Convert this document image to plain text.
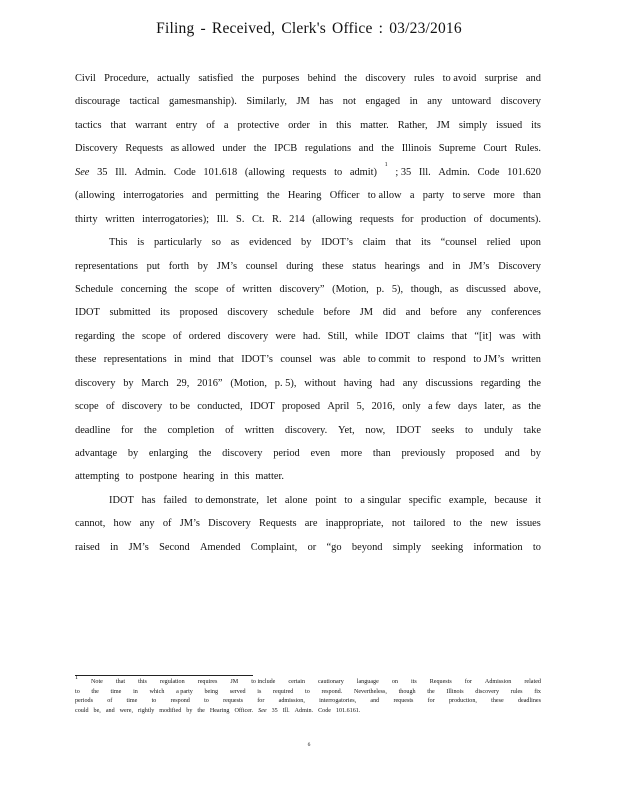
Filing - Received, Clerk's Office : 03/23/2016
Civil Procedure, actually satisfied the purposes behind the discovery rules to avoid surprise and
discourage tactical gamesmanship). Similarly, JM has not engaged in any untoward discovery
tactics that warrant entry of a protective order in this matter. Rather, JM simply issued its
Discovery Requests as allowed under the IPCB regulations and the Illinois Supreme Court Rules.
See 35 Ill. Admin. Code 101.618 (allowing requests to admit)
1
; 35 Ill. Admin. Code 101.620
(allowing interrogatories and permitting the Hearing Officer to allow a party to serve more than
thirty written interrogatories); Ill. S. Ct. R. 214 (allowing requests for production of documents).
This is particularly so as evidenced by IDOT’s claim that its “counsel relied upon
representations put forth by JM’s counsel during these status hearings and in JM’s Discovery
Schedule concerning the scope of written discovery” (Motion, p. 5), though, as discussed above,
IDOT submitted its proposed discovery schedule before JM did and before any conferences
regarding the scope of ordered discovery were had. Still, while IDOT claims that “[it] was with
these representations in mind that IDOT’s counsel was able to commit to respond to JM’s written
discovery by March 29, 2016” (Motion, p. 5), without having had any discussions regarding the
scope of discovery to be conducted, IDOT proposed April 5, 2016, only a few days later, as the
deadline for the completion of written discovery. Yet, now, IDOT seeks to unduly take
advantage by enlarging the discovery period even more than previously proposed and by
attempting to postpone hearing in this matter.
IDOT has failed to demonstrate, let alone point to a singular specific example, because it
cannot, how any of JM’s Discovery Requests are inappropriate, not tailored to the new issues
raised in JM’s Second Amended Complaint, or “go beyond simply seeking information to
1
Note that this regulation requires JM to include certain cautionary language on its Requests for Admission related
to the time in which a party being served is required to respond. Nevertheless, though the Illinois discovery rules fix
periods of time to respond to requests for admission, interrogatories, and requests for production, these deadlines
could be, and were, rightly modified by the Hearing Officer. See 35 Ill. Admin. Code 101.6161.
6
